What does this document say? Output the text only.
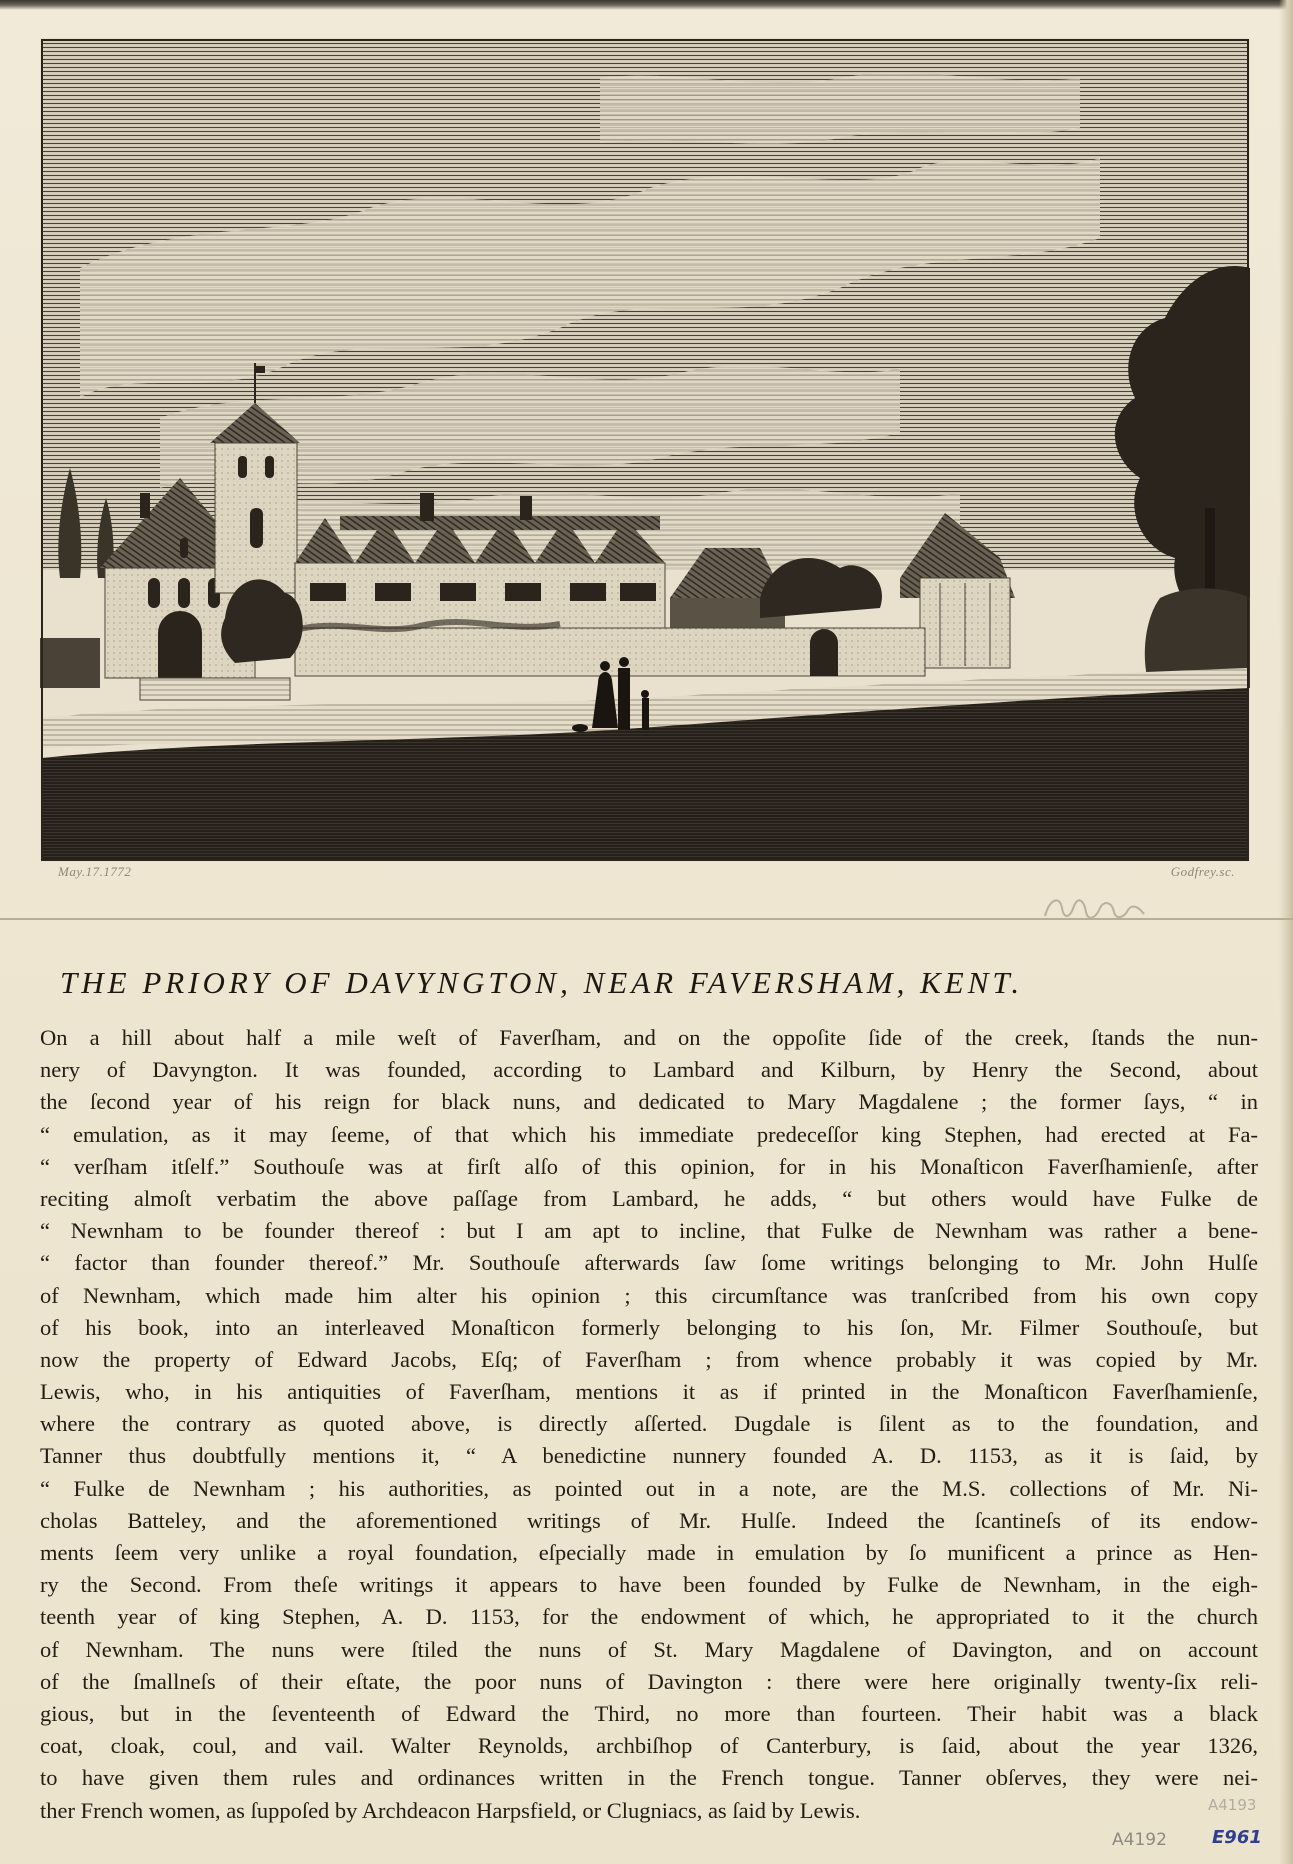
May.17.1772	Godfrey.sc.
THE PRIORY OF DAVYNGTON, NEAR FAVERSHAM, KENT.
On a hill about half a mile weſt of Faverſham, and on the oppoſite ſide of the creek, ſtands the nun-
nery of Davyngton. It was founded, according to Lambard and Kilburn, by Henry the Second, about
the ſecond year of his reign for black nuns, and dedicated to Mary Magdalene ; the former ſays, “ in
“ emulation, as it may ſeeme, of that which his immediate predeceſſor king Stephen, had erected at Fa-
“ verſham itſelf.” Southouſe was at firſt alſo of this opinion, for in his Monaſticon Faverſhamienſe, after
reciting almoſt verbatim the above paſſage from Lambard, he adds, “ but others would have Fulke de
“ Newnham to be founder thereof : but I am apt to incline, that Fulke de Newnham was rather a bene-
“ factor than founder thereof.” Mr. Southouſe afterwards ſaw ſome writings belonging to Mr. John Hulſe
of Newnham, which made him alter his opinion ; this circumſtance was tranſcribed from his own copy
of his book, into an interleaved Monaſticon formerly belonging to his ſon, Mr. Filmer Southouſe, but
now the property of Edward Jacobs, Eſq; of Faverſham ; from whence probably it was copied by Mr.
Lewis, who, in his antiquities of Faverſham, mentions it as if printed in the Monaſticon Faverſhamienſe,
where the contrary as quoted above, is directly aſſerted. Dugdale is ſilent as to the foundation, and
Tanner thus doubtfully mentions it, “ A benedictine nunnery founded A. D. 1153, as it is ſaid, by
“ Fulke de Newnham ; his authorities, as pointed out in a note, are the M.S. collections of Mr. Ni-
cholas Batteley, and the aforementioned writings of Mr. Hulſe. Indeed the ſcantineſs of its endow-
ments ſeem very unlike a royal foundation, eſpecially made in emulation by ſo munificent a prince as Hen-
ry the Second. From theſe writings it appears to have been founded by Fulke de Newnham, in the eigh-
teenth year of king Stephen, A. D. 1153, for the endowment of which, he appropriated to it the church
of Newnham. The nuns were ſtiled the nuns of St. Mary Magdalene of Davington, and on account
of the ſmallneſs of their eſtate, the poor nuns of Davington : there were here originally twenty-ſix reli-
gious, but in the ſeventeenth of Edward the Third, no more than fourteen. Their habit was a black
coat, cloak, coul, and vail. Walter Reynolds, archbiſhop of Canterbury, is ſaid, about the year 1326,
to have given them rules and ordinances written in the French tongue. Tanner obſerves, they were nei-
ther French women, as ſuppoſed by Archdeacon Harpsfield, or Clugniacs, as ſaid by Lewis.	A4193
A4192	E961
